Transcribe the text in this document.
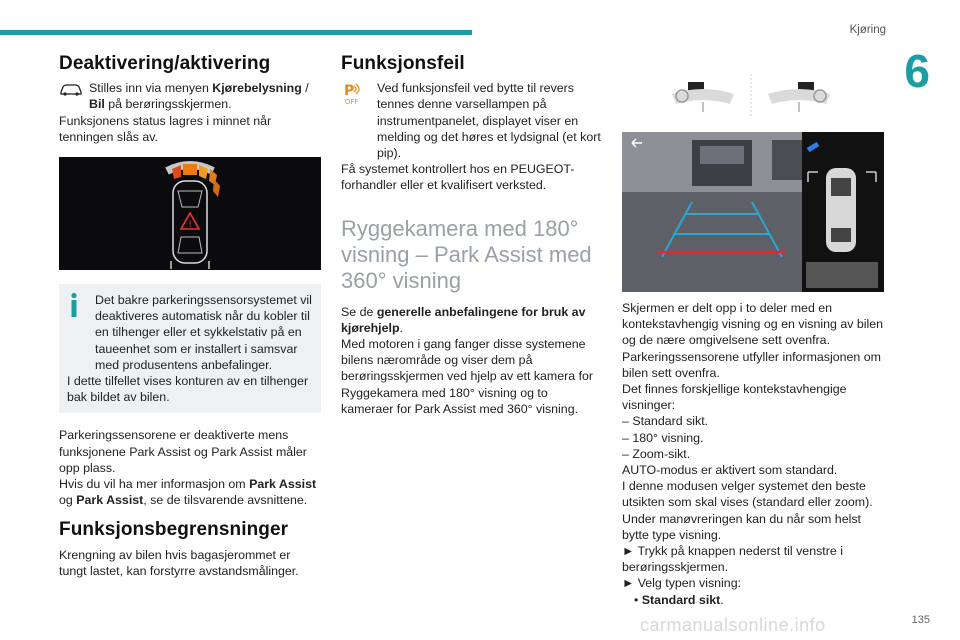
Kjøring
6
Deaktivering/aktivering

Stilles inn via menyen Kjørebelysning / Bil på berøringsskjermen.

Funksjonens status lagres i minnet når tenningen slås av.

!

Det bakre parkeringssensorsystemet vil deaktiveres automatisk når du kobler til en tilhenger eller et sykkelstativ på en taueenhet som er installert i samsvar med produsentens anbefalinger.

I dette tilfellet vises konturen av en tilhenger bak bildet av bilen.

Parkeringssensorene er deaktiverte mens funksjonene Park Assist og Park Assist måler opp plass.

Hvis du vil ha mer informasjon om Park Assist og Park Assist, se de tilsvarende avsnittene.

Funksjonsbegrensninger

Krengning av bilen hvis bagasjerommet er tungt lastet, kan forstyrre avstandsmålinger.

Funksjonsfeil
P
OFF

Ved funksjonsfeil ved bytte til revers tennes denne varsellampen på instrumentpanelet, displayet viser en melding og det høres et lydsignal (et kort pip).

Få systemet kontrollert hos en PEUGEOT-forhandler eller et kvalifisert verksted.

Ryggekamera med 180° visning – Park Assist med 360° visning

Se de generelle anbefalingene for bruk av kjørehjelp.

Med motoren i gang fanger disse systemene bilens nærområde og viser dem på berøringsskjermen ved hjelp av ett kamera for Ryggekamera med 180° visning og to kameraer for Park Assist med 360° visning.

Skjermen er delt opp i to deler med en kontekstavhengig visning og en visning av bilen og de nære omgivelsene sett ovenfra.

Parkeringssensorene utfyller informasjonen om bilen sett ovenfra.

Det finnes forskjellige kontekstavhengige visninger:

– Standard sikt.

– 180° visning.

– Zoom-sikt.

AUTO-modus er aktivert som standard.

I denne modusen velger systemet den beste utsikten som skal vises (standard eller zoom).

Under manøvreringen kan du når som helst bytte type visning.

► Trykk på knappen nederst til venstre i berøringsskjermen.

► Velg typen visning:

• Standard sikt.

135
carmanualsonline.info
